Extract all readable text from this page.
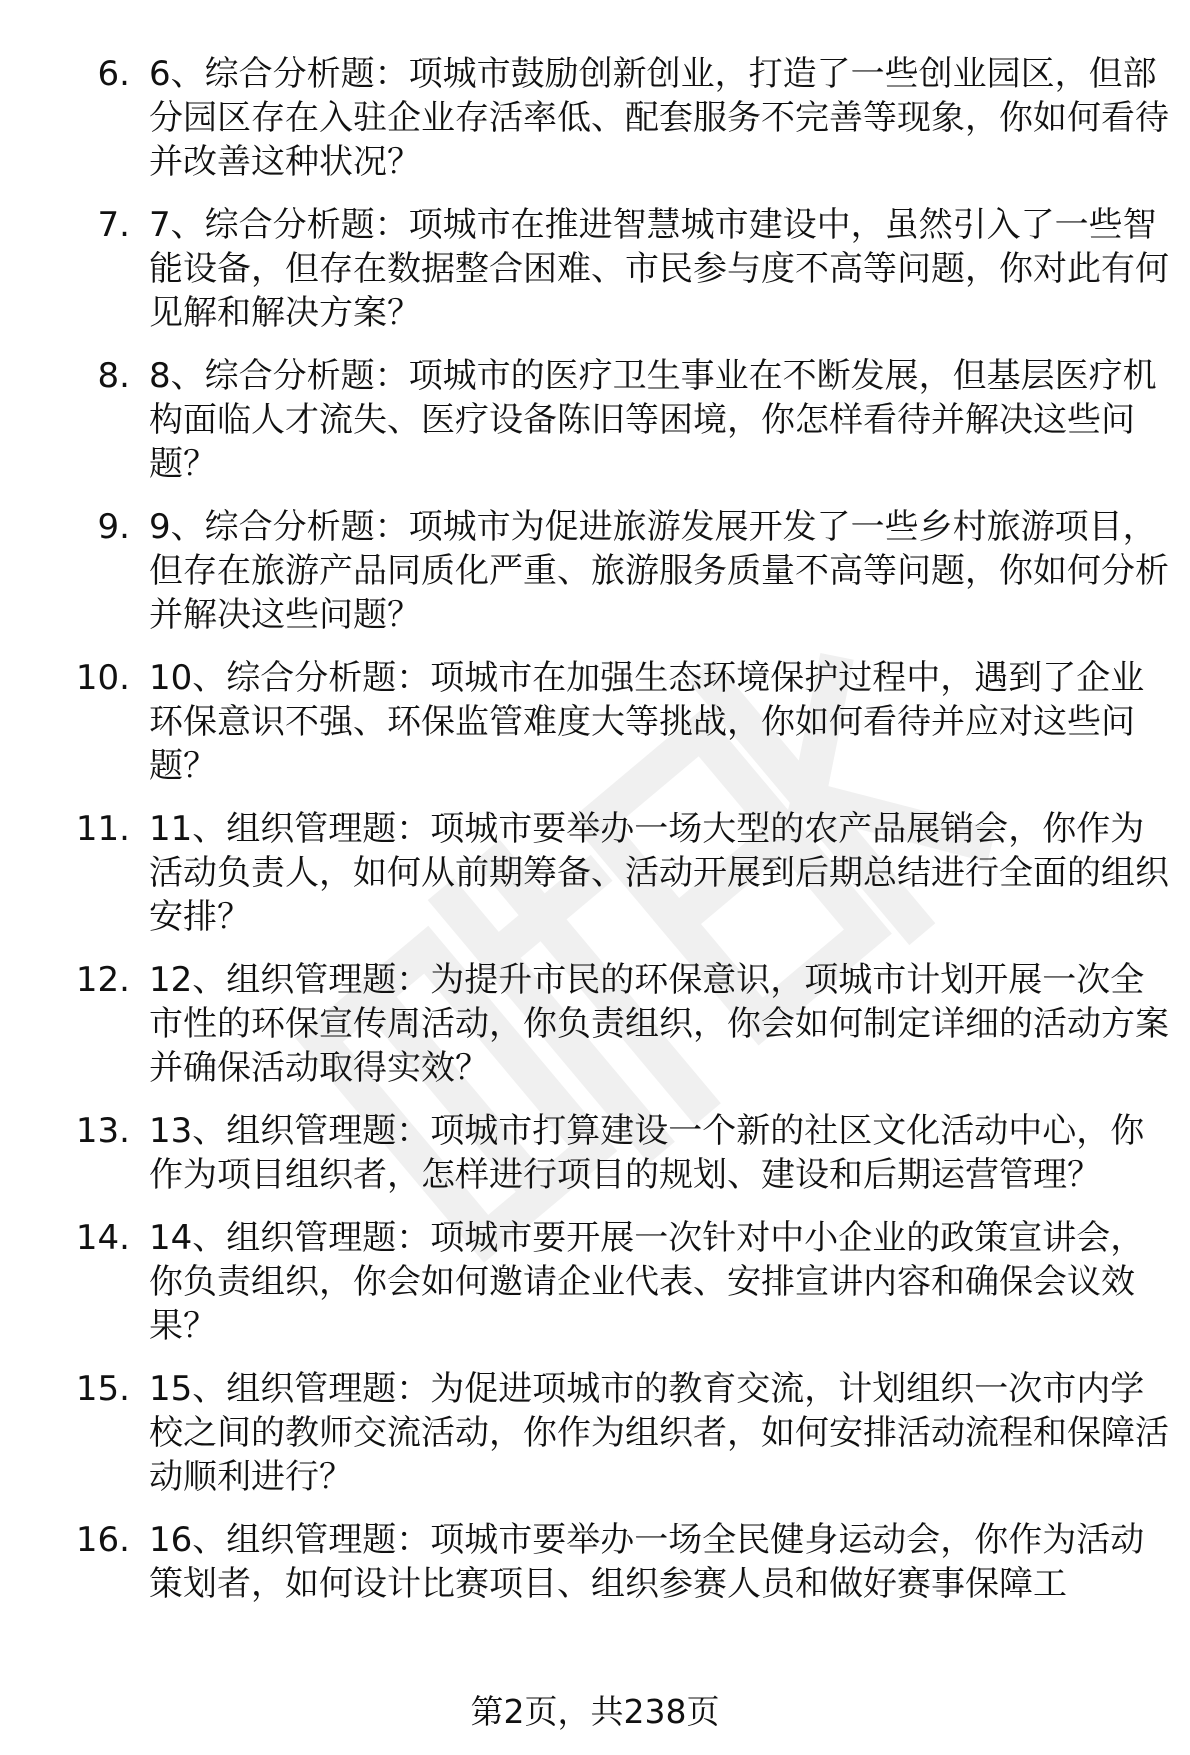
6. 6、综合分析题：项城市鼓励创新创业，打造了一些创业园区，但部分园区存在入驻企业存活率低、配套服务不完善等现象，你如何看待并改善这种状况？
7. 7、综合分析题：项城市在推进智慧城市建设中，虽然引入了一些智能设备，但存在数据整合困难、市民参与度不高等问题，你对此有何见解和解决方案？
8. 8、综合分析题：项城市的医疗卫生事业在不断发展，但基层医疗机构面临人才流失、医疗设备陈旧等困境，你怎样看待并解决这些问题？
9. 9、综合分析题：项城市为促进旅游发展开发了一些乡村旅游项目，但存在旅游产品同质化严重、旅游服务质量不高等问题，你如何分析并解决这些问题？
10. 10、综合分析题：项城市在加强生态环境保护过程中，遇到了企业环保意识不强、环保监管难度大等挑战，你如何看待并应对这些问题？
11. 11、组织管理题：项城市要举办一场大型的农产品展销会，你作为活动负责人，如何从前期筹备、活动开展到后期总结进行全面的组织安排？
12. 12、组织管理题：为提升市民的环保意识，项城市计划开展一次全市性的环保宣传周活动，你负责组织，你会如何制定详细的活动方案并确保活动取得实效？
13. 13、组织管理题：项城市打算建设一个新的社区文化活动中心，你作为项目组织者，怎样进行项目的规划、建设和后期运营管理？
14. 14、组织管理题：项城市要开展一次针对中小企业的政策宣讲会，你负责组织，你会如何邀请企业代表、安排宣讲内容和确保会议效果？
15. 15、组织管理题：为促进项城市的教育交流，计划组织一次市内学校之间的教师交流活动，你作为组织者，如何安排活动流程和保障活动顺利进行？
16. 16、组织管理题：项城市要举办一场全民健身运动会，你作为活动策划者，如何设计比赛项目、组织参赛人员和做好赛事保障工
第2页，共238页
